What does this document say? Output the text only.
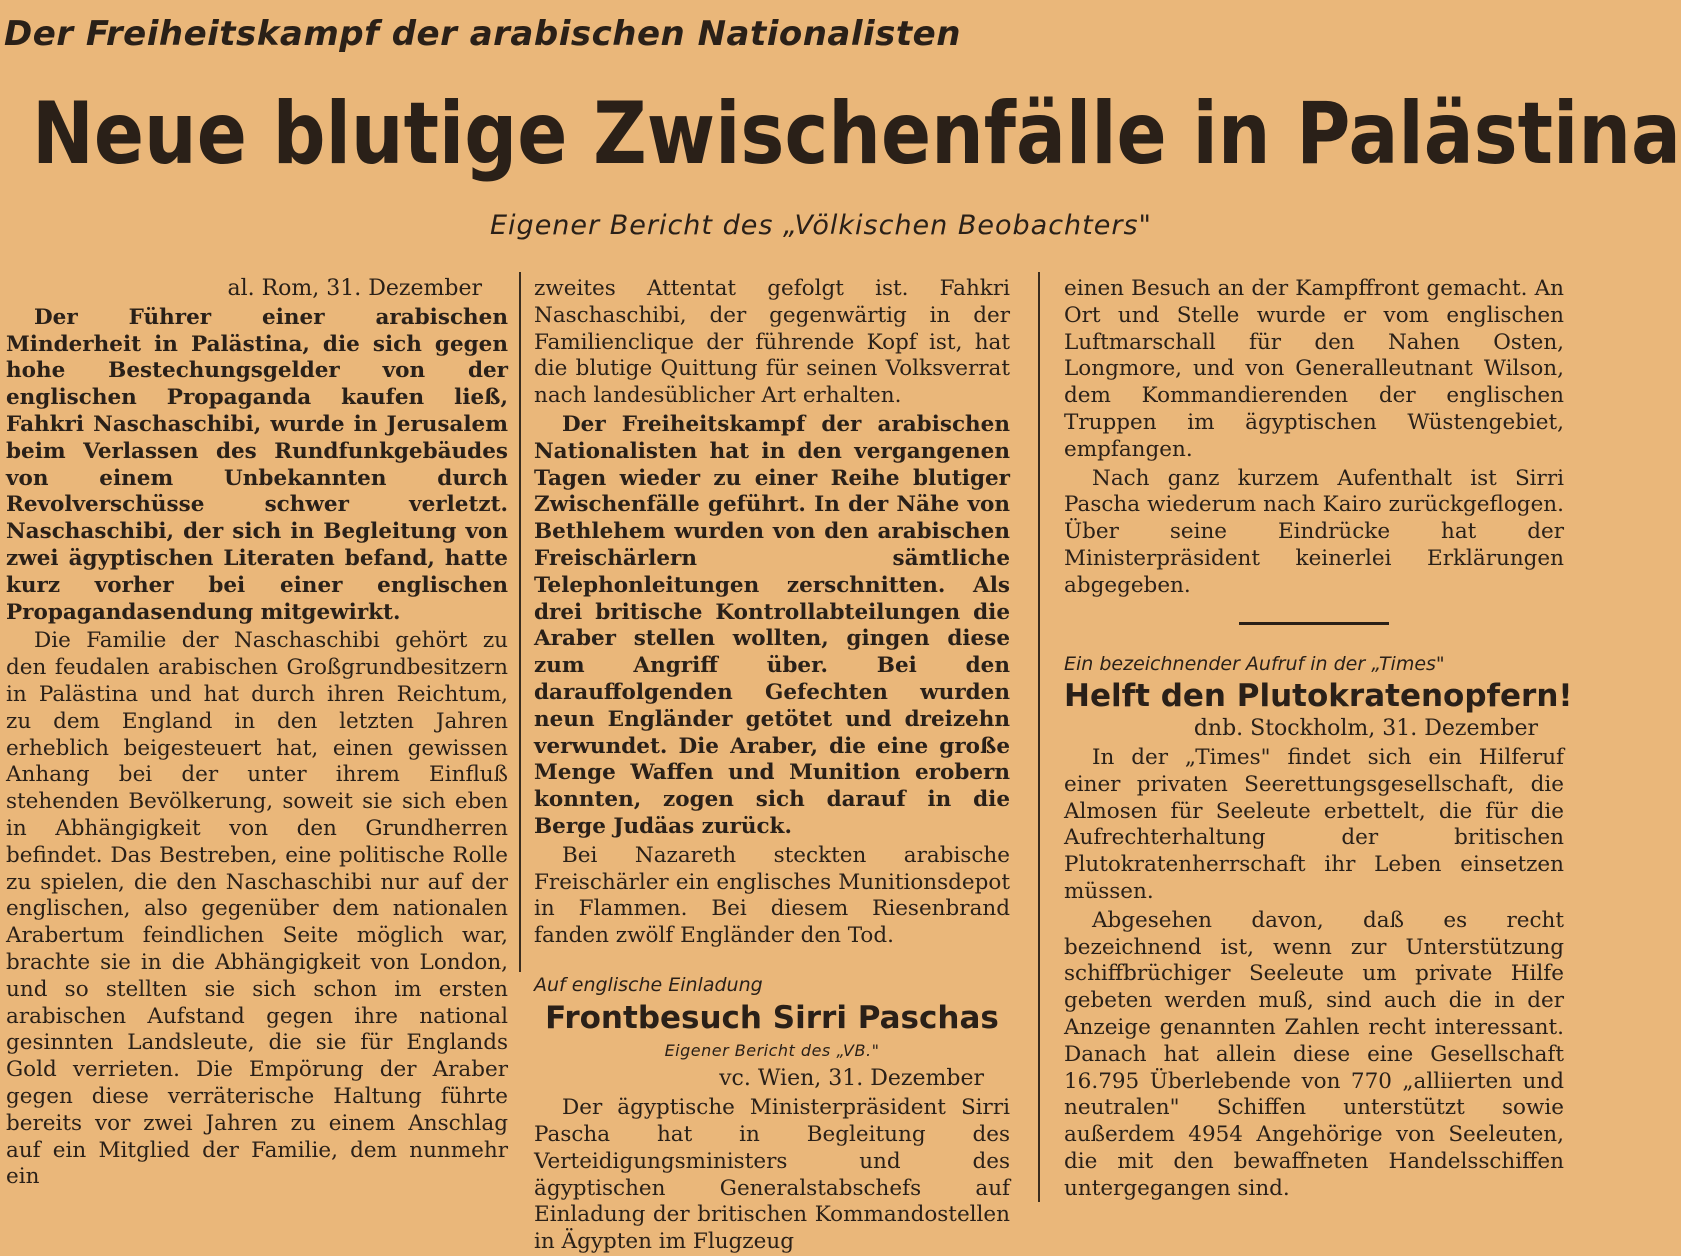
Der Freiheitskampf der arabischen Nationalisten
Neue blutige Zwischenfälle in Palästina
Eigener Bericht des „Völkischen Beobachters"

al. Rom, 31. Dezember

Der Führer einer arabischen Minderheit in Palästina, die sich gegen hohe Bestechungsgelder von der englischen Propaganda kaufen ließ, Fahkri Naschaschibi, wurde in Jerusalem beim Verlassen des Rundfunkgebäudes von einem Unbekannten durch Revolverschüsse schwer verletzt. Naschaschibi, der sich in Begleitung von zwei ägyptischen Literaten befand, hatte kurz vorher bei einer englischen Propagandasendung mitgewirkt.

Die Familie der Naschaschibi gehört zu den feudalen arabischen Großgrundbesitzern in Palästina und hat durch ihren Reichtum, zu dem England in den letzten Jahren erheblich beigesteuert hat, einen gewissen Anhang bei der unter ihrem Einfluß stehenden Bevölkerung, soweit sie sich eben in Abhängigkeit von den Grundherren befindet. Das Bestreben, eine politische Rolle zu spielen, die den Naschaschibi nur auf der englischen, also gegenüber dem nationalen Arabertum feindlichen Seite möglich war, brachte sie in die Abhängigkeit von London, und so stellten sie sich schon im ersten arabischen Aufstand gegen ihre national gesinnten Landsleute, die sie für Englands Gold verrieten. Die Empörung der Araber gegen diese verräterische Haltung führte bereits vor zwei Jahren zu einem Anschlag auf ein Mitglied der Familie, dem nunmehr ein

zweites Attentat gefolgt ist. Fahkri Naschaschibi, der gegenwärtig in der Familienclique der führende Kopf ist, hat die blutige Quittung für seinen Volksverrat nach landesüblicher Art erhalten.

Der Freiheitskampf der arabischen Nationalisten hat in den vergangenen Tagen wieder zu einer Reihe blutiger Zwischenfälle geführt. In der Nähe von Bethlehem wurden von den arabischen Freischärlern sämtliche Telephonleitungen zerschnitten. Als drei britische Kontrollabteilungen die Araber stellen wollten, gingen diese zum Angriff über. Bei den darauffolgenden Gefechten wurden neun Engländer getötet und dreizehn verwundet. Die Araber, die eine große Menge Waffen und Munition erobern konnten, zogen sich darauf in die Berge Judäas zurück.

Bei Nazareth steckten arabische Freischärler ein englisches Munitionsdepot in Flammen. Bei diesem Riesenbrand fanden zwölf Engländer den Tod.

Auf englische Einladung

Frontbesuch Sirri Paschas

Eigener Bericht des „VB."

vc. Wien, 31. Dezember

Der ägyptische Ministerpräsident Sirri Pascha hat in Begleitung des Verteidigungsministers und des ägyptischen Generalstabschefs auf Einladung der britischen Kommandostellen in Ägypten im Flugzeug

einen Besuch an der Kampffront gemacht. An Ort und Stelle wurde er vom englischen Luftmarschall für den Nahen Osten, Longmore, und von Generalleutnant Wilson, dem Kommandierenden der englischen Truppen im ägyptischen Wüstengebiet, empfangen.

Nach ganz kurzem Aufenthalt ist Sirri Pascha wiederum nach Kairo zurückgeflogen. Über seine Eindrücke hat der Ministerpräsident keinerlei Erklärungen abgegeben.

Ein bezeichnender Aufruf in der „Times"

Helft den Plutokratenopfern!

dnb. Stockholm, 31. Dezember

In der „Times" findet sich ein Hilferuf einer privaten Seerettungsgesellschaft, die Almosen für Seeleute erbettelt, die für die Aufrechterhaltung der britischen Plutokratenherrschaft ihr Leben einsetzen müssen.

Abgesehen davon, daß es recht bezeichnend ist, wenn zur Unterstützung schiffbrüchiger Seeleute um private Hilfe gebeten werden muß, sind auch die in der Anzeige genannten Zahlen recht interessant. Danach hat allein diese eine Gesellschaft 16.795 Überlebende von 770 „alliierten und neutralen" Schiffen unterstützt sowie außerdem 4954 Angehörige von Seeleuten, die mit den bewaffneten Handelsschiffen untergegangen sind.
